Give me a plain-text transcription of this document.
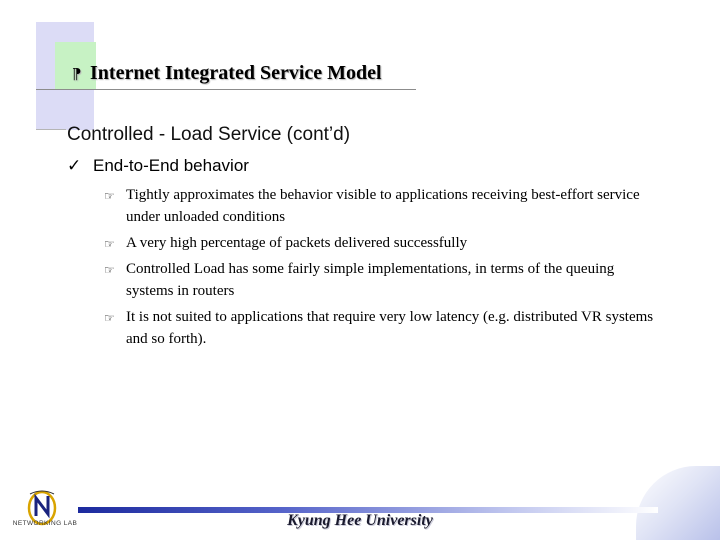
⁋ Internet Integrated Service Model
Controlled - Load Service (cont’d)
✓ End-to-End behavior
☞ Tightly approximates the behavior visible to applications receiving best-effort service under unloaded conditions
☞ A very high percentage of packets delivered successfully
☞ Controlled Load has some fairly simple implementations, in terms of the queuing systems in routers
☞ It is not suited to applications that require very low latency (e.g. distributed VR systems and so forth).
Kyung Hee University
NETWORKING LAB
